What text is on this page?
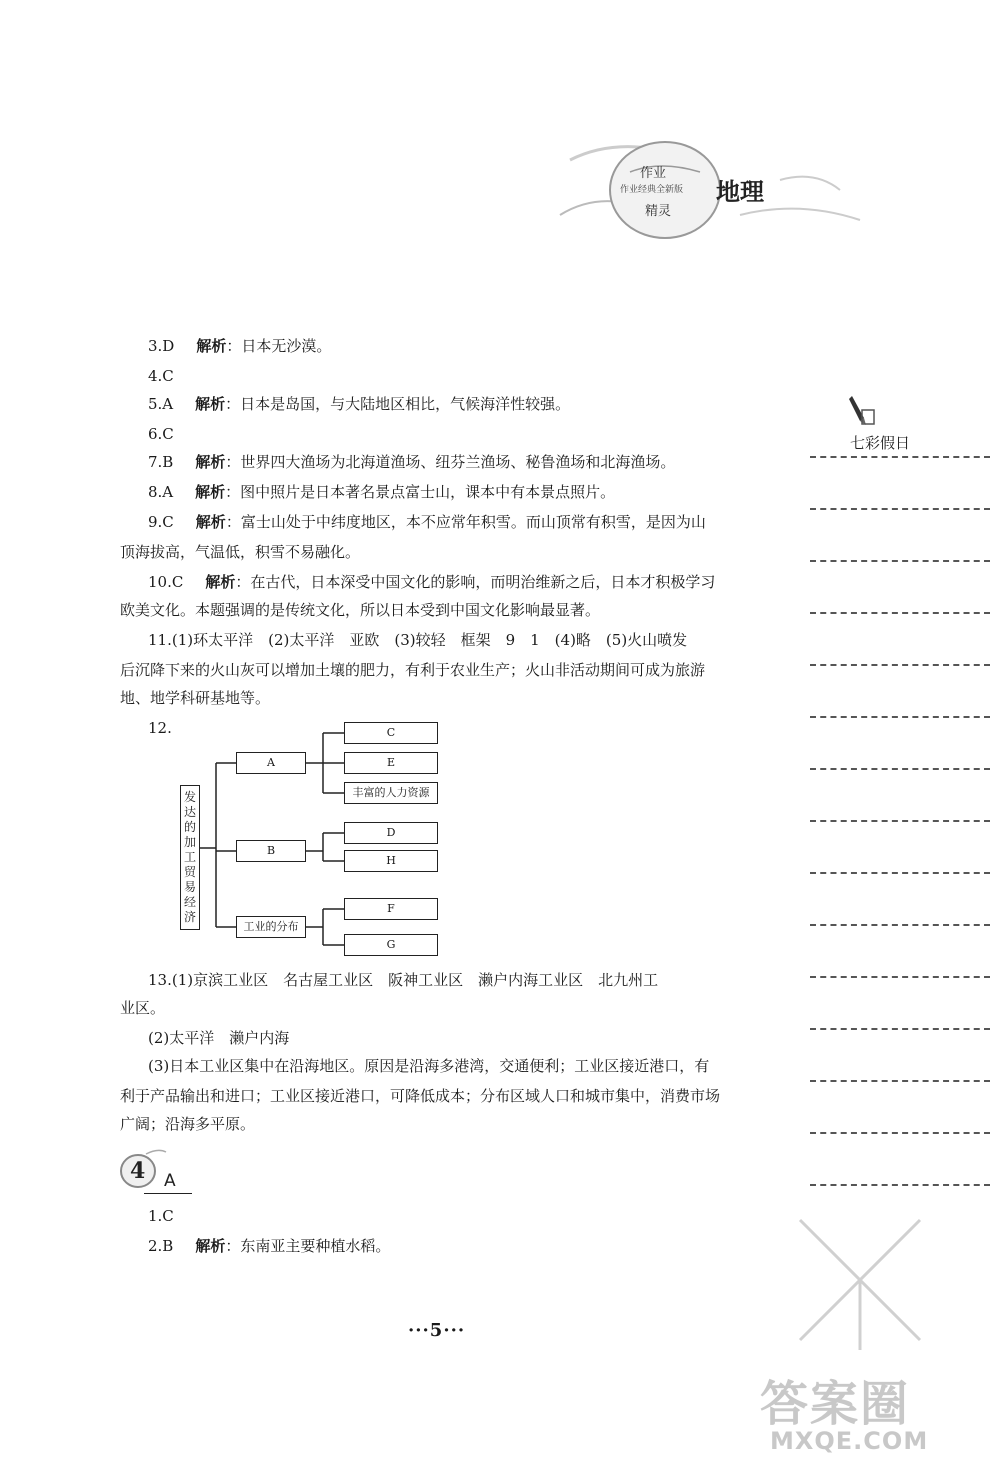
作业
作业经典全新版
精灵
地理
七彩假日
3.D 解析：日本无沙漠。
4.C
5.A 解析：日本是岛国，与大陆地区相比，气候海洋性较强。
6.C
7.B 解析：世界四大渔场为北海道渔场、纽芬兰渔场、秘鲁渔场和北海渔场。
8.A 解析：图中照片是日本著名景点富士山，课本中有本景点照片。
9.C 解析：富士山处于中纬度地区，本不应常年积雪。而山顶常有积雪，是因为山
顶海拔高，气温低，积雪不易融化。
10.C 解析：在古代，日本深受中国文化的影响，而明治维新之后，日本才积极学习
欧美文化。本题强调的是传统文化，所以日本受到中国文化影响最显著。
11.(1)环太平洋　(2)太平洋　亚欧　(3)较轻　框架　9　1　(4)略　(5)火山喷发
后沉降下来的火山灰可以增加土壤的肥力，有利于农业生产；火山非活动期间可成为旅游
地、地学科研基地等。
12.
发达的加工贸易经济
A
B
工业的分布
C
E
丰富的人力资源
D
H
F
G
13.(1)京滨工业区　名古屋工业区　阪神工业区　濑户内海工业区　北九州工
业区。
(2)太平洋　濑户内海
(3)日本工业区集中在沿海地区。原因是沿海多港湾，交通便利；工业区接近港口，有
利于产品输出和进口；工业区接近港口，可降低成本；分布区域人口和城市集中，消费市场
广阔；沿海多平原。
4 A
1.C
2.B 解析：东南亚主要种植水稻。
···5···
答案圈
MXQE.COM
